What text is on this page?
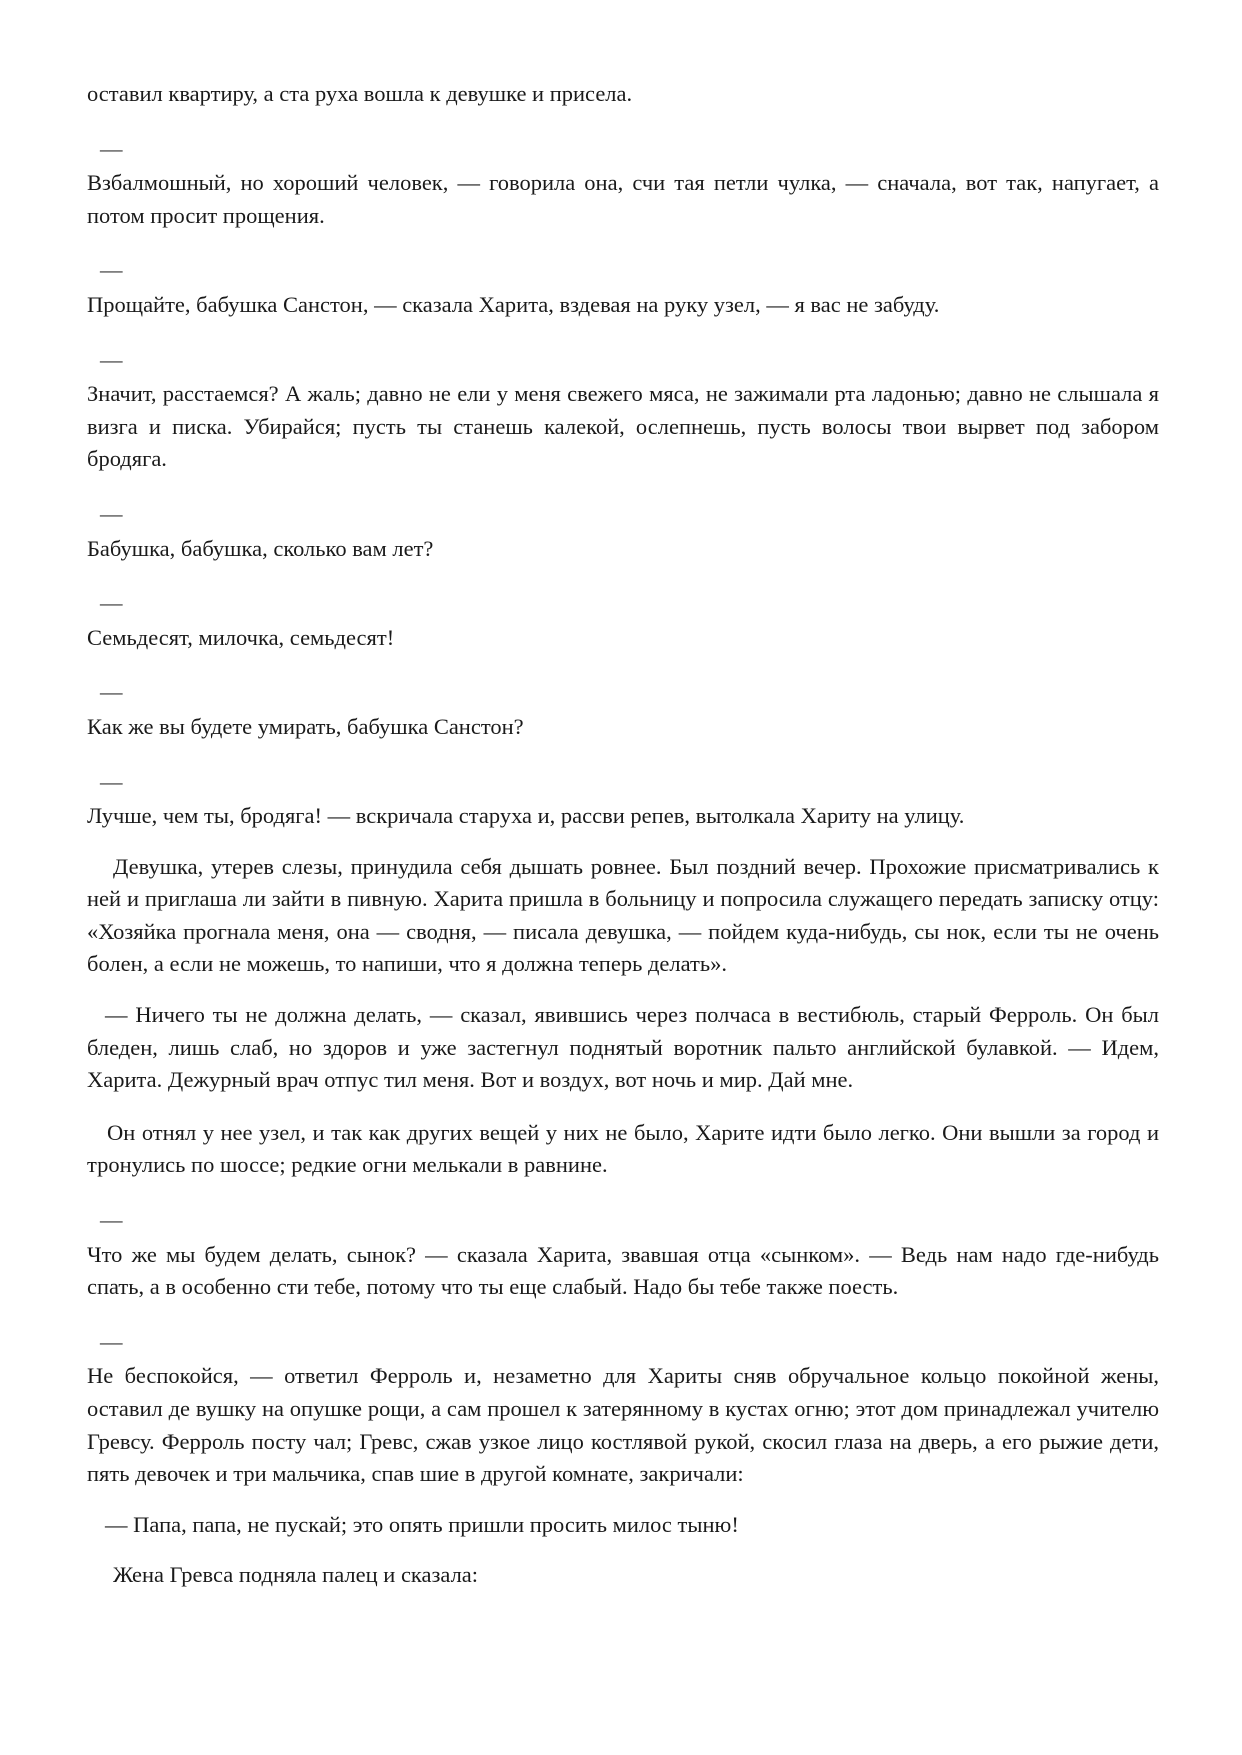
оставил квартиру, а ста руха вошла к девушке и присела.

—

Взбалмошный, но хороший человек, — говорила она, счи тая петли чулка, — сначала, вот так, напугает, а потом просит прощения.

—

Прощайте, бабушка Санстон, — сказала Харита, вздевая на руку узел, — я вас не забуду.

—

Значит, расстаемся? А жаль; давно не ели у меня свежего мяса, не зажимали рта ладонью; давно не слышала я визга и писка. Убирайся; пусть ты станешь калекой, ослепнешь, пусть волосы твои вырвет под забором бродяга.

—

Бабушка, бабушка, сколько вам лет?

—

Семьдесят, милочка, семьдесят!

—

Как же вы будете умирать, бабушка Санстон?

—

Лучше, чем ты, бродяга! — вскричала старуха и, рассви репев, вытолкала Хариту на улицу.

Девушка, утерев слезы, принудила себя дышать ровнее. Был поздний вечер. Прохожие присматривались к ней и приглаша ли зайти в пивную. Харита пришла в больницу и попросила служащего передать записку отцу: «Хозяйка прогнала меня, она — сводня, — писала девушка, — пойдем куда-нибудь, сы нок, если ты не очень болен, а если не можешь, то напиши, что я должна теперь делать».

— Ничего ты не должна делать, — сказал, явившись через полчаса в вестибюль, старый Ферроль. Он был бледен, лишь слаб, но здоров и уже застегнул поднятый воротник пальто английской булавкой. — Идем, Харита. Дежурный врач отпус тил меня. Вот и воздух, вот ночь и мир. Дай мне.

Он отнял у нее узел, и так как других вещей у них не было, Харите идти было легко. Они вышли за город и тронулись по шоссе; редкие огни мелькали в равнине.

—

Что же мы будем делать, сынок? — сказала Харита, звавшая отца «сынком». — Ведь нам надо где-нибудь спать, а в особенно сти тебе, потому что ты еще слабый. Надо бы тебе также поесть.

—

Не беспокойся, — ответил Ферроль и, незаметно для Хариты сняв обручальное кольцо покойной жены, оставил де вушку на опушке рощи, а сам прошел к затерянному в кустах огню; этот дом принадлежал учителю Гревсу. Ферроль посту чал; Гревс, сжав узкое лицо костлявой рукой, скосил глаза на дверь, а его рыжие дети, пять девочек и три мальчика, спав шие в другой комнате, закричали:

— Папа, папа, не пускай; это опять пришли просить милос тыню!

Жена Гревса подняла палец и сказала:
